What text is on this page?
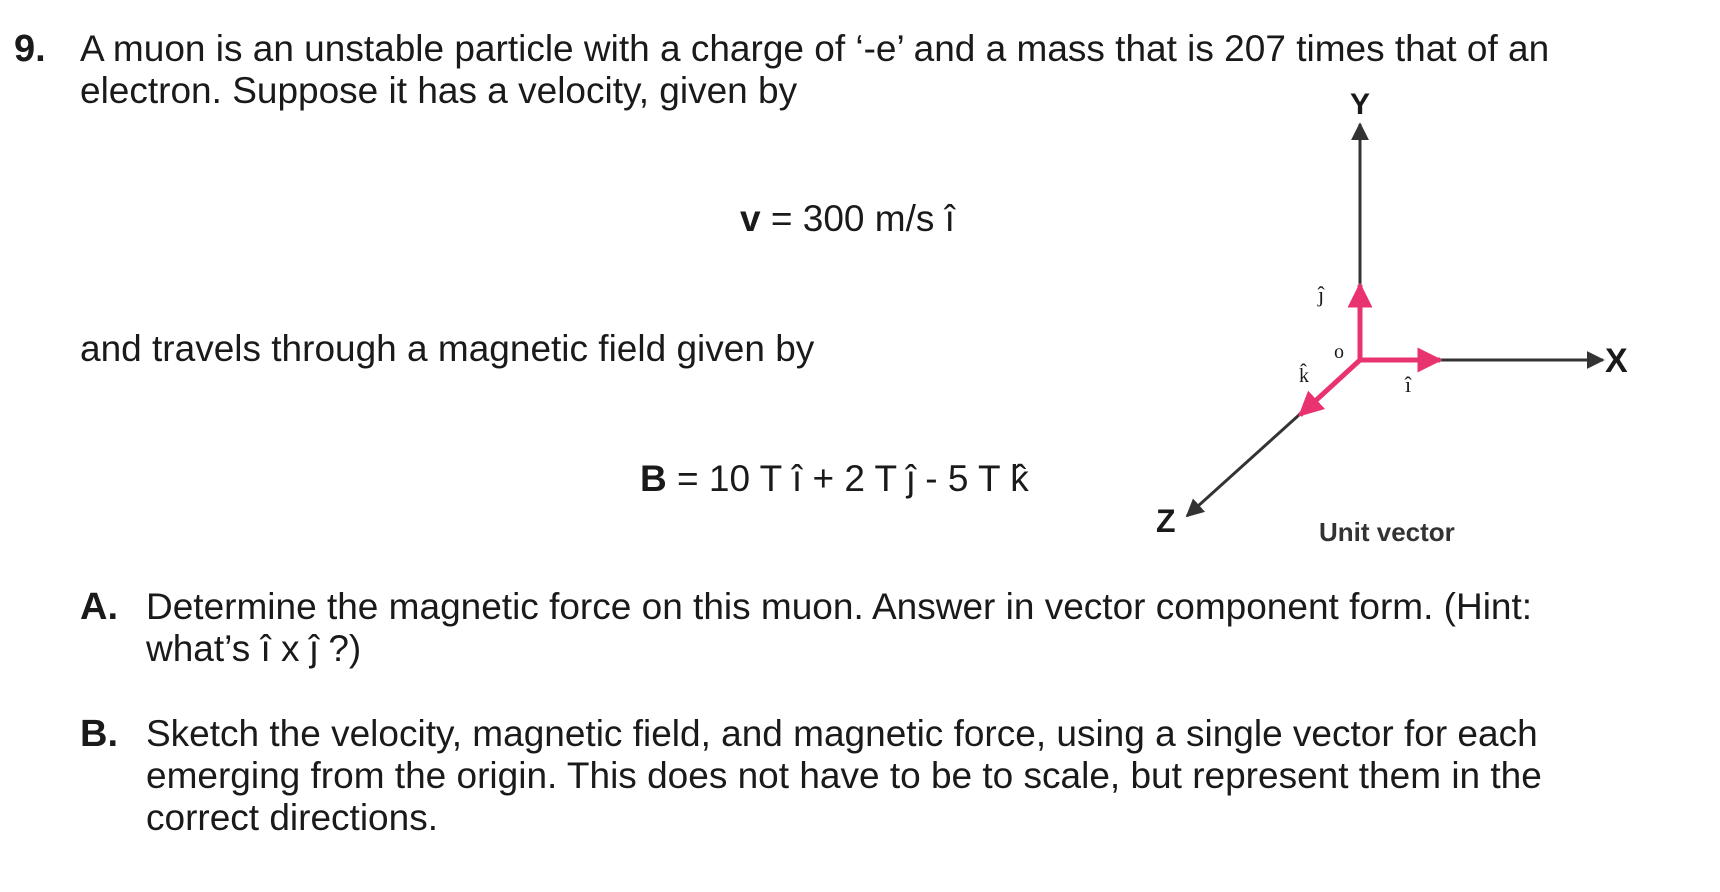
9. A muon is an unstable particle with a charge of ‘-e’ and a mass that is 207 times that of an
electron. Suppose it has a velocity, given by
v = 300 m/s î
and travels through a magnetic field given by
B = 10 T î + 2 T ĵ - 5 T k̂
Y
X
Z
o
ĵ
î
k̂
Unit vector
A. Determine the magnetic force on this muon. Answer in vector component form. (Hint:
what’s î x ĵ ?)
B. Sketch the velocity, magnetic field, and magnetic force, using a single vector for each
emerging from the origin. This does not have to be to scale, but represent them in the
correct directions.
